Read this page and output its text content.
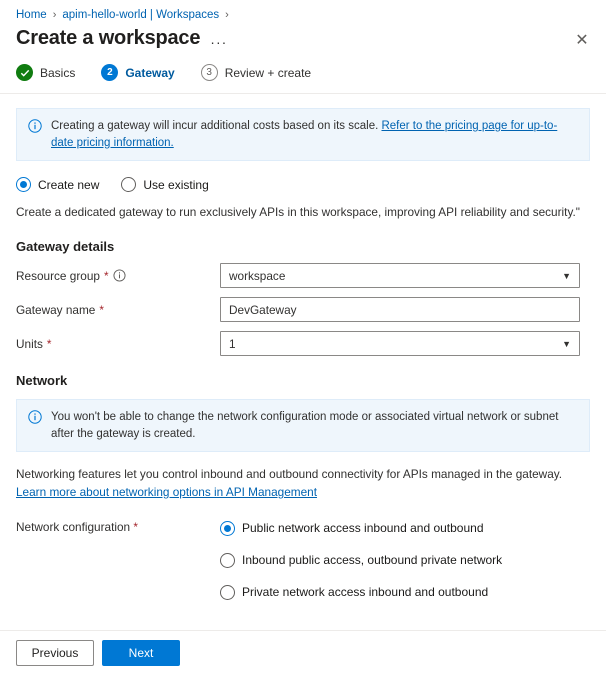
Home › apim-hello-world | Workspaces ›
Create a workspace ···	✕
Basics	2	Gateway	3	Review + create
Creating a gateway will incur additional costs based on its scale. Refer to the pricing page for up-to-date pricing information.
Create new	Use existing
Create a dedicated gateway to run exclusively APIs in this workspace, improving API reliability and security."
Gateway details
Resource group *	workspace	▼
Gateway name *	DevGateway
Units *	1	▼
Network
You won't be able to change the network configuration mode or associated virtual network or subnet after the gateway is created.
Networking features let you control inbound and outbound connectivity for APIs managed in the gateway. Learn more about networking options in API Management
Network configuration *	Public network access inbound and outbound
Inbound public access, outbound private network
Private network access inbound and outbound
Previous	Next
